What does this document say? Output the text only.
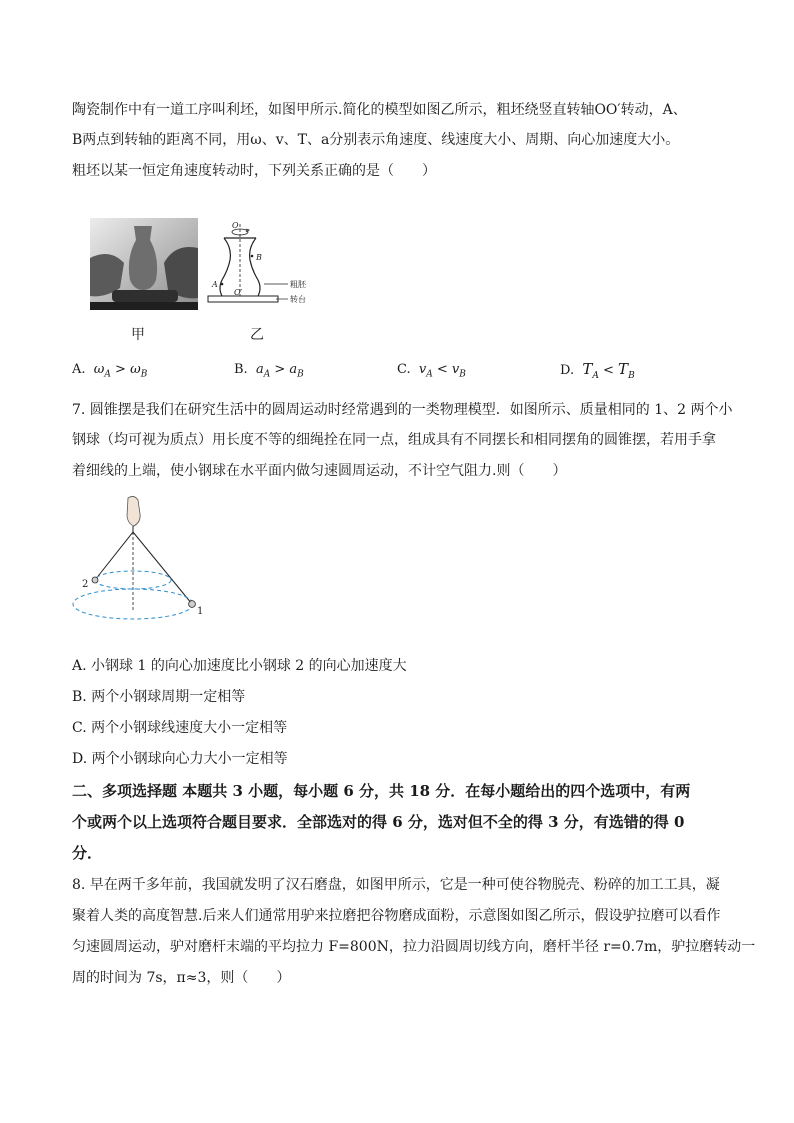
陶瓷制作中有一道工序叫利坯，如图甲所示.简化的模型如图乙所示，粗坯绕竖直转轴OO′转动，A、
B两点到转轴的距离不同，用ω、v、T、a分别表示角速度、线速度大小、周期、向心加速度大小。
粗坯以某一恒定角速度转动时，下列关系正确的是（　　）
甲
O
O′
A
B
粗胚
转台
乙
A. $\omega_A > \omega_B$	B. $a_A > a_B$	C. $v_A < v_B$	D. $T_A < T_B$
7. 圆锥摆是我们在研究生活中的圆周运动时经常遇到的一类物理模型．如图所示、质量相同的 1、2 两个小
钢球（均可视为质点）用长度不等的细绳拴在同一点，组成具有不同摆长和相同摆角的圆锥摆，若用手拿
着细线的上端，使小钢球在水平面内做匀速圆周运动，不计空气阻力.则（　　）
2
1
A. 小钢球 1 的向心加速度比小钢球 2 的向心加速度大
B. 两个小钢球周期一定相等
C. 两个小钢球线速度大小一定相等
D. 两个小钢球向心力大小一定相等
二、多项选择题 本题共 3 小题，每小题 6 分，共 18 分．在每小题给出的四个选项中，有两
个或两个以上选项符合题目要求．全部选对的得 6 分，选对但不全的得 3 分，有选错的得 0
分．
8. 早在两千多年前，我国就发明了汉石磨盘，如图甲所示，它是一种可使谷物脱壳、粉碎的加工工具，凝
聚着人类的高度智慧.后来人们通常用驴来拉磨把谷物磨成面粉，示意图如图乙所示，假设驴拉磨可以看作
匀速圆周运动，驴对磨杆末端的平均拉力 F=800N，拉力沿圆周切线方向，磨杆半径 r=0.7m，驴拉磨转动一
周的时间为 7s，π≈3，则（　　）
